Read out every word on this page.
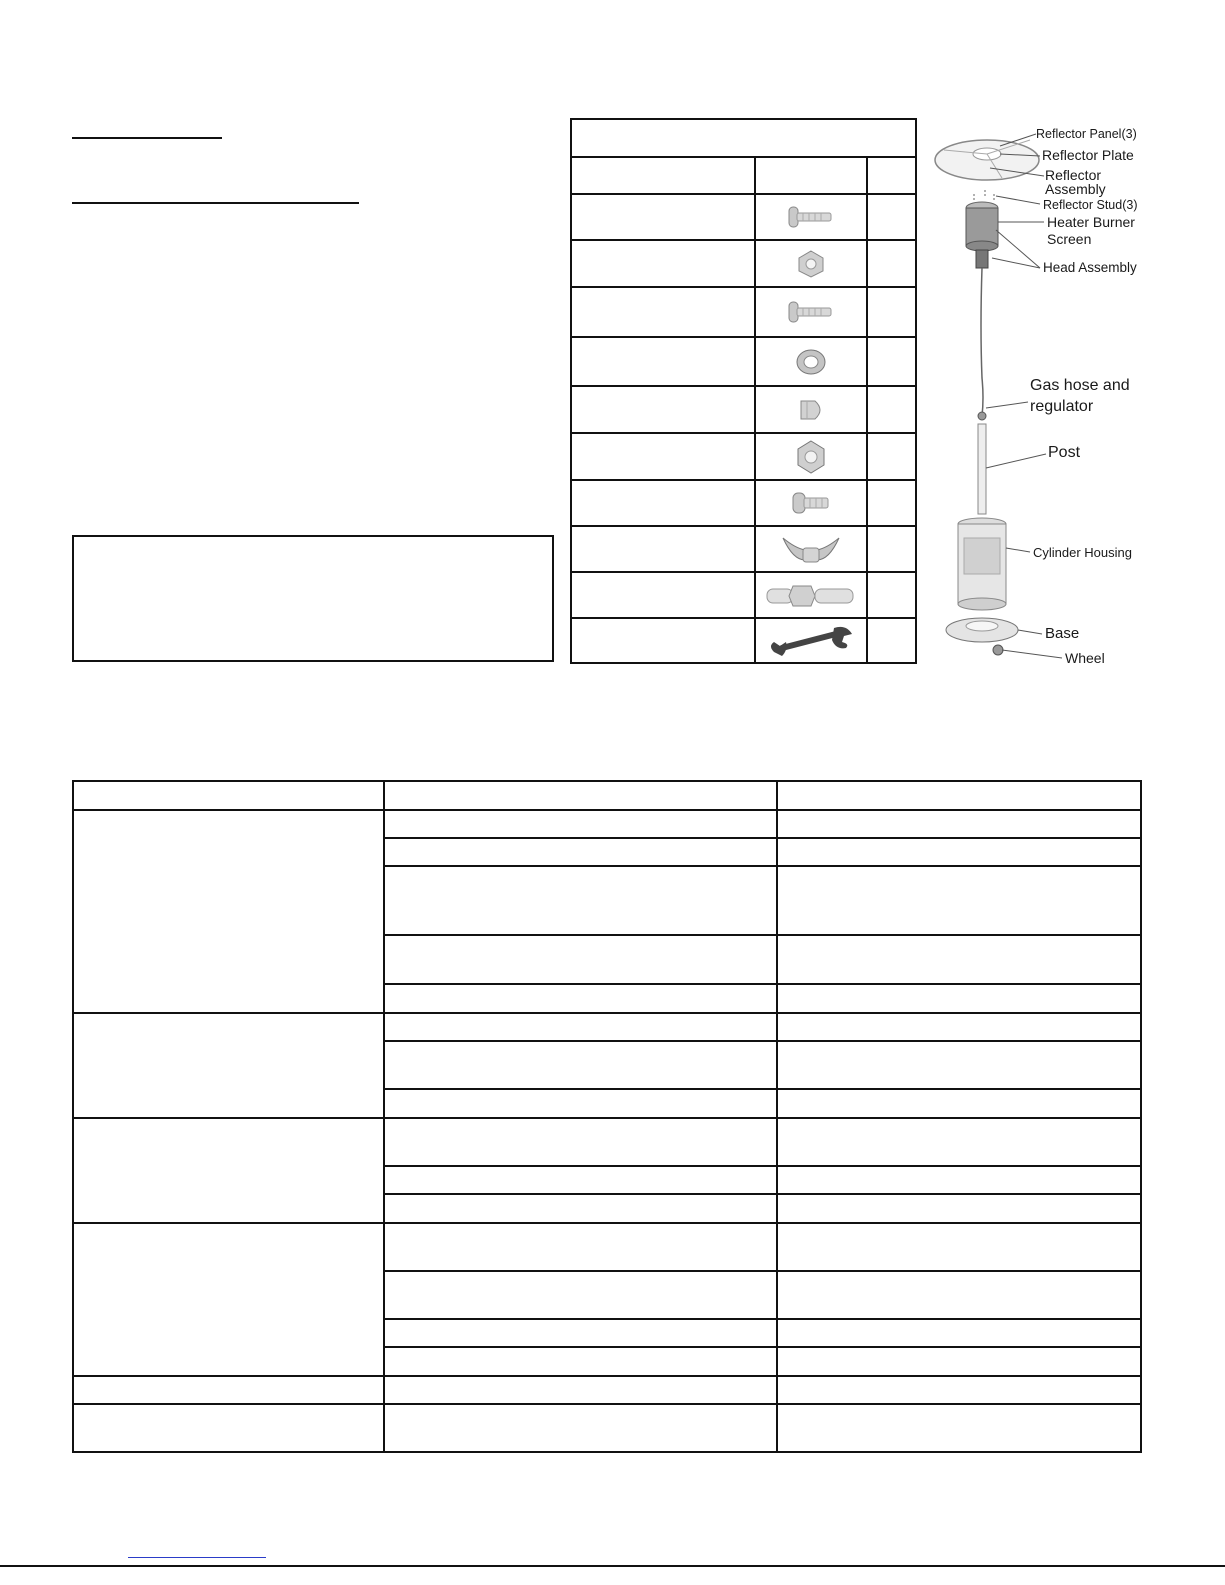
Reflector Panel(3)
Reflector Plate
Reflector
Assembly
Reflector Stud(3)
Heater Burner
Screen
Head Assembly
Gas hose and
regulator
Post
Cylinder Housing
Base
Wheel
